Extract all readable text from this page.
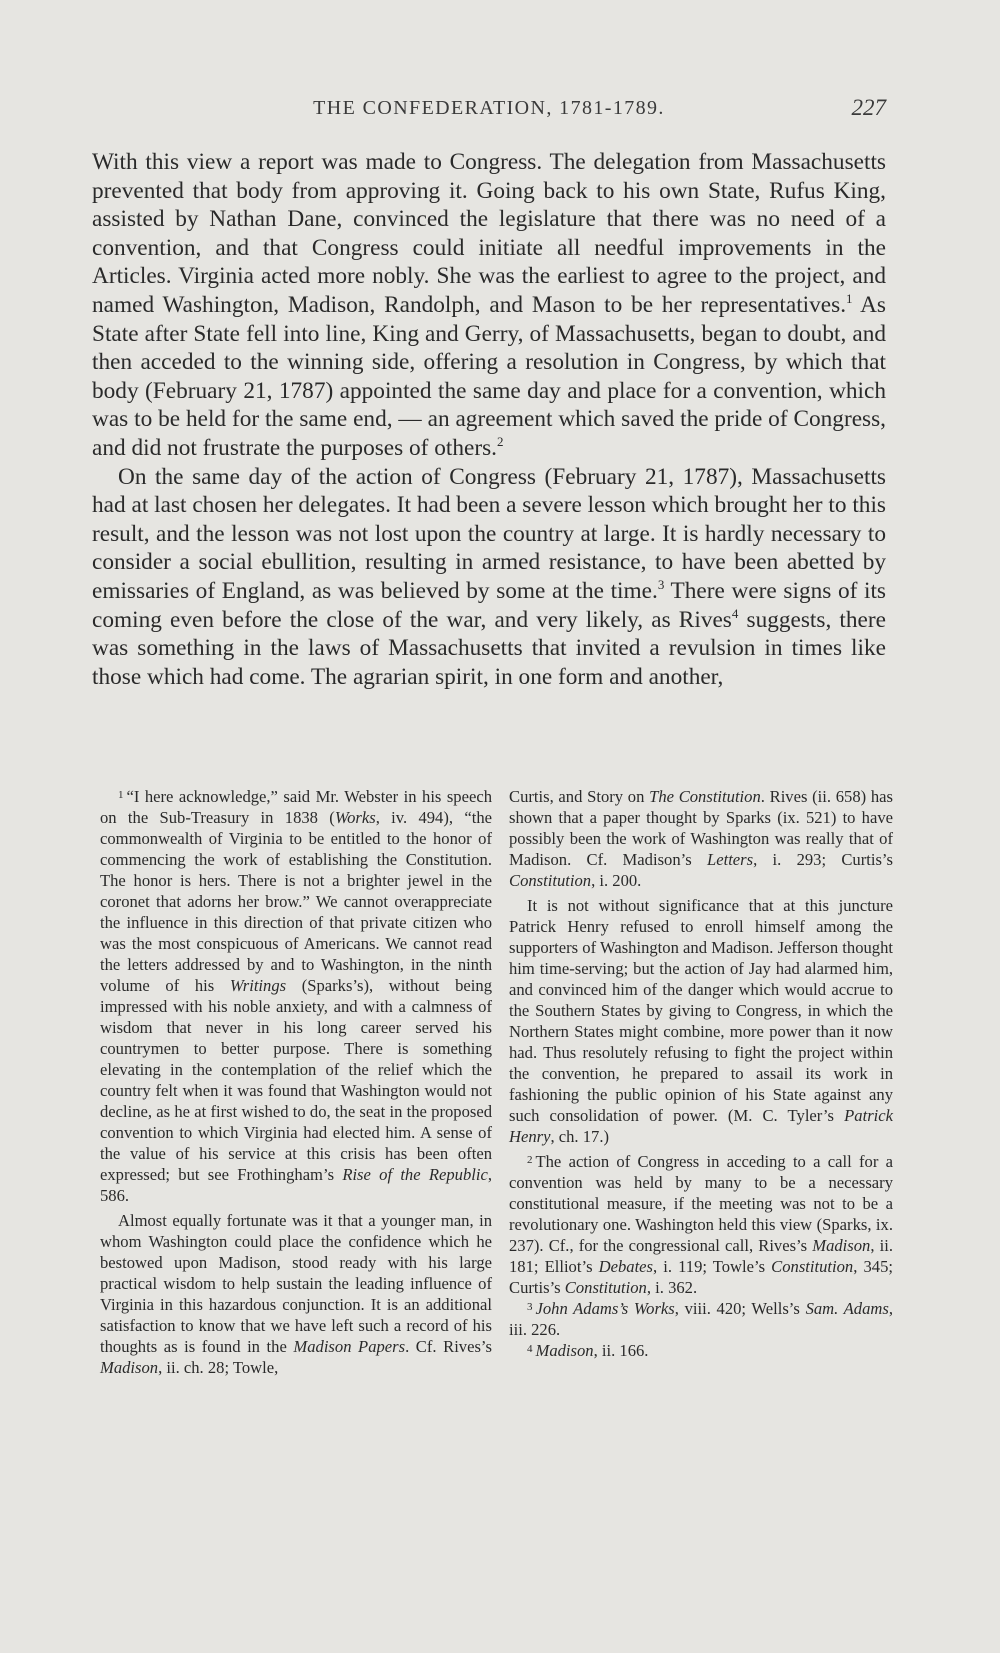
THE CONFEDERATION, 1781-1789.	227

With this view a report was made to Congress. The delegation from Massachusetts prevented that body from approving it. Going back to his own State, Rufus King, assisted by Nathan Dane, convinced the legislature that there was no need of a convention, and that Congress could initiate all needful improvements in the Articles. Virginia acted more nobly. She was the earliest to agree to the project, and named Washington, Madison, Randolph, and Mason to be her representatives.$^1$ As State after State fell into line, King and Gerry, of Massachusetts, began to doubt, and then acceded to the winning side, offering a resolution in Congress, by which that body (February 21, 1787) appointed the same day and place for a convention, which was to be held for the same end, — an agreement which saved the pride of Congress, and did not frustrate the purposes of others.$^2$

On the same day of the action of Congress (February 21, 1787), Massachusetts had at last chosen her delegates. It had been a severe lesson which brought her to this result, and the lesson was not lost upon the country at large. It is hardly necessary to consider a social ebullition, resulting in armed resistance, to have been abetted by emissaries of England, as was believed by some at the time.$^3$ There were signs of its coming even before the close of the war, and very likely, as Rives$^4$ suggests, there was something in the laws of Massachusetts that invited a revulsion in times like those which had come. The agrarian spirit, in one form and another,

$^1$ “I here acknowledge,” said Mr. Webster in his speech on the Sub-Treasury in 1838 (Works, iv. 494), “the commonwealth of Virginia to be entitled to the honor of commencing the work of establishing the Constitution. The honor is hers. There is not a brighter jewel in the coronet that adorns her brow.” We cannot overappreciate the influence in this direction of that private citizen who was the most conspicuous of Americans. We cannot read the letters addressed by and to Washington, in the ninth volume of his Writings (Sparks’s), without being impressed with his noble anxiety, and with a calmness of wisdom that never in his long career served his countrymen to better purpose. There is something elevating in the contemplation of the relief which the country felt when it was found that Washington would not decline, as he at first wished to do, the seat in the proposed convention to which Virginia had elected him. A sense of the value of his service at this crisis has been often expressed; but see Frothingham’s Rise of the Republic, 586.

Almost equally fortunate was it that a younger man, in whom Washington could place the confidence which he bestowed upon Madison, stood ready with his large practical wisdom to help sustain the leading influence of Virginia in this hazardous conjunction. It is an additional satisfaction to know that we have left such a record of his thoughts as is found in the Madison Papers. Cf. Rives’s Madison, ii. ch. 28; Towle,

Curtis, and Story on The Constitution. Rives (ii. 658) has shown that a paper thought by Sparks (ix. 521) to have possibly been the work of Washington was really that of Madison. Cf. Madison’s Letters, i. 293; Curtis’s Constitution, i. 200.

It is not without significance that at this juncture Patrick Henry refused to enroll himself among the supporters of Washington and Madison. Jefferson thought him time-serving; but the action of Jay had alarmed him, and convinced him of the danger which would accrue to the Southern States by giving to Congress, in which the Northern States might combine, more power than it now had. Thus resolutely refusing to fight the project within the convention, he prepared to assail its work in fashioning the public opinion of his State against any such consolidation of power. (M. C. Tyler’s Patrick Henry, ch. 17.)

$^2$ The action of Congress in acceding to a call for a convention was held by many to be a necessary constitutional measure, if the meeting was not to be a revolutionary one. Washington held this view (Sparks, ix. 237). Cf., for the congressional call, Rives’s Madison, ii. 181; Elliot’s Debates, i. 119; Towle’s Constitution, 345; Curtis’s Constitution, i. 362.

$^3$ John Adams’s Works, viii. 420; Wells’s Sam. Adams, iii. 226.

$^4$ Madison, ii. 166.
